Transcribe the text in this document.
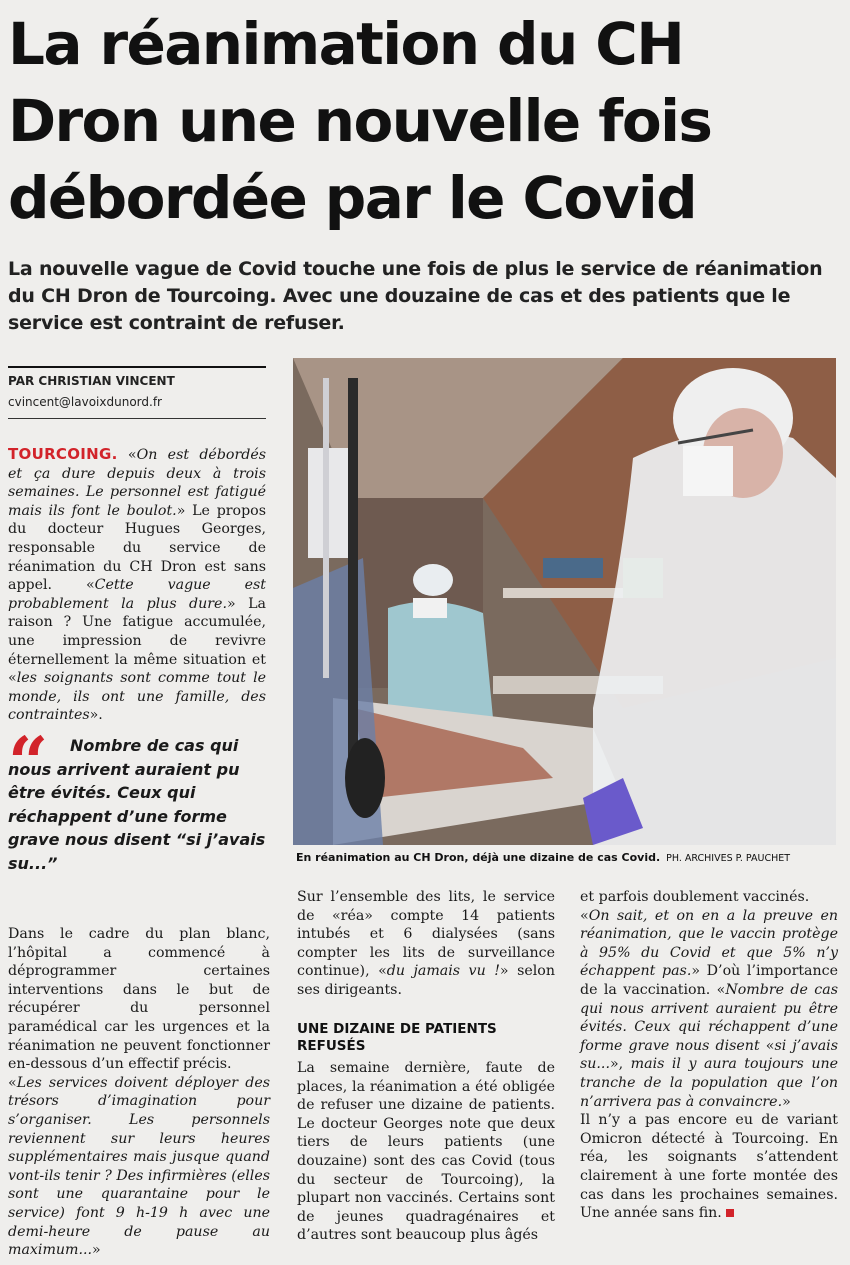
La réanimation du CH Dron une nouvelle fois débordée par le Covid

La nouvelle vague de Covid touche une fois de plus le service de réanimation du CH Dron de Tourcoing. Avec une douzaine de cas et des patients que le service est contraint de refuser.

PAR CHRISTIAN VINCENT
cvincent@lavoixdunord.fr

TOURCOING. «On est débordés et ça dure depuis deux à trois semaines. Le personnel est fatigué mais ils font le boulot.» Le propos du docteur Hugues Georges, responsable du service de réanimation du CH Dron est sans appel. «Cette vague est probablement la plus dure.» La raison ? Une fatigue accumulée, une impression de revivre éternellement la même situation et «les soignants sont comme tout le monde, ils ont une famille, des contraintes».

“	Nombre de cas qui nous arrivent auraient pu être évités. Ceux qui réchappent d’une forme grave nous disent “si j’avais su...”

Dans le cadre du plan blanc, l’hôpital a commencé à déprogrammer certaines interventions dans le but de récupérer du personnel paramédical car les urgences et la réanimation ne peuvent fonctionner en-dessous d’un effectif précis.

«Les services doivent déployer des trésors d’imagination pour s’organiser. Les personnels reviennent sur leurs heures supplémentaires mais jusque quand vont-ils tenir ? Des infirmières (elles sont une quarantaine pour le service) font 9 h-19 h avec une demi-heure de pause au maximum...»

En réanimation au CH Dron, déjà une dizaine de cas Covid. PH. ARCHIVES P. PAUCHET

Sur l’ensemble des lits, le service de «réa» compte 14 patients intubés et 6 dialysées (sans compter les lits de surveillance continue), «du jamais vu !» selon ses dirigeants.

UNE DIZAINE DE PATIENTS REFUSÉS

La semaine dernière, faute de places, la réanimation a été obligée de refuser une dizaine de patients. Le docteur Georges note que deux tiers de leurs patients (une douzaine) sont des cas Covid (tous du secteur de Tourcoing), la plupart non vaccinés. Certains sont de jeunes quadragénaires et d’autres sont beaucoup plus âgés

et parfois doublement vaccinés.

«On sait, et on en a la preuve en réanimation, que le vaccin protège à 95% du Covid et que 5% n’y échappent pas.» D’où l’importance de la vaccination. «Nombre de cas qui nous arrivent auraient pu être évités. Ceux qui réchappent d’une forme grave nous disent «si j’avais su...», mais il y aura toujours une tranche de la population que l’on n’arrivera pas à convaincre.»

Il n’y a pas encore eu de variant Omicron détecté à Tourcoing. En réa, les soignants s’attendent clairement à une forte montée des cas dans les prochaines semaines. Une année sans fin.
